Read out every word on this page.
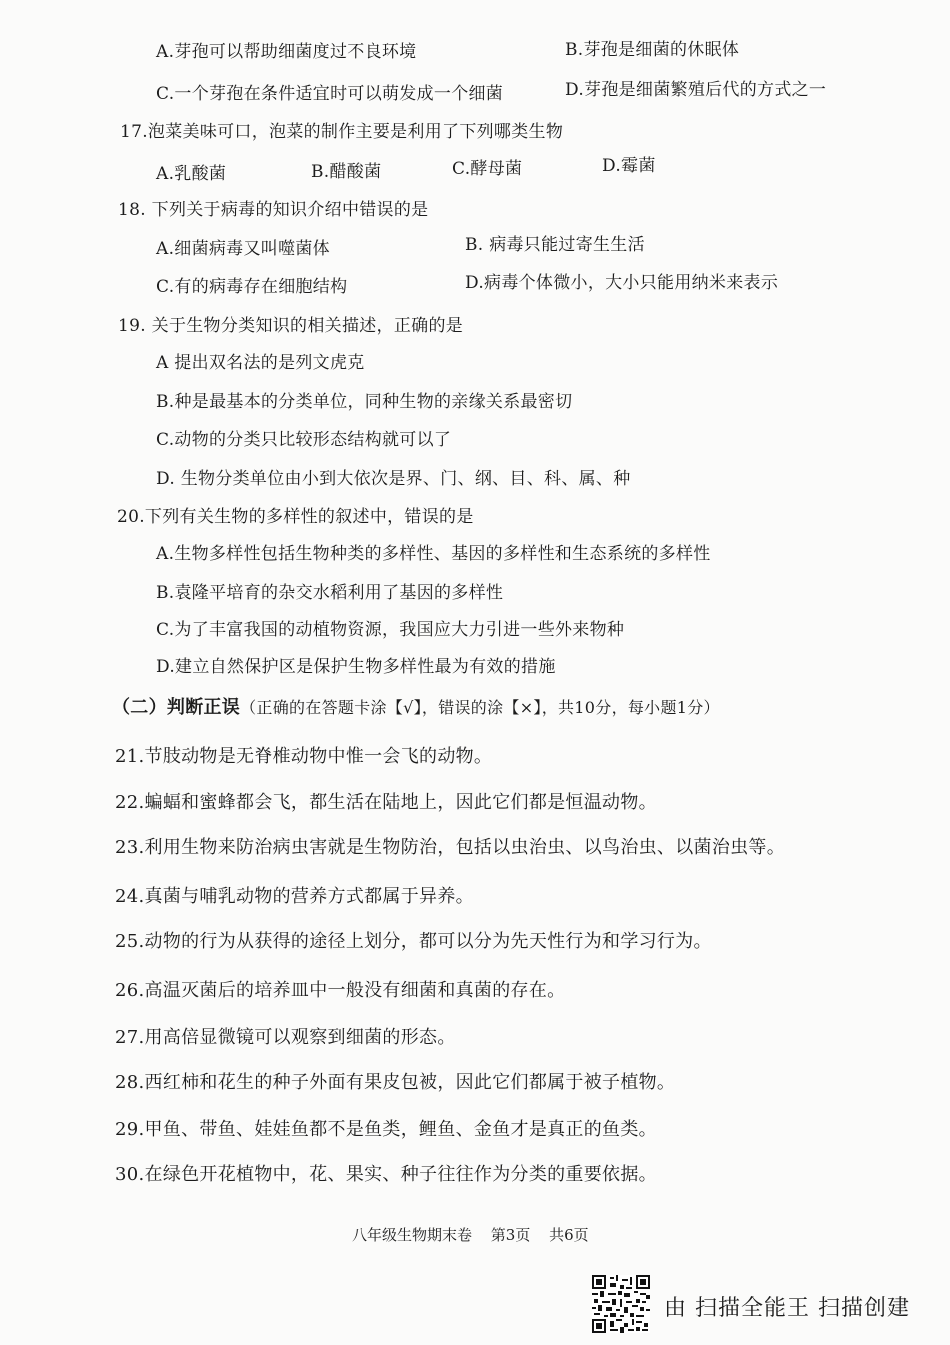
A.芽孢可以帮助细菌度过不良环境	B.芽孢是细菌的休眠体
C.一个芽孢在条件适宜时可以萌发成一个细菌	D.芽孢是细菌繁殖后代的方式之一
17.泡菜美味可口，泡菜的制作主要是利用了下列哪类生物
A.乳酸菌	B.醋酸菌	C.酵母菌	D.霉菌
18. 下列关于病毒的知识介绍中错误的是
A.细菌病毒又叫噬菌体	B. 病毒只能过寄生生活
C.有的病毒存在细胞结构	D.病毒个体微小，大小只能用纳米来表示
19. 关于生物分类知识的相关描述，正确的是
A 提出双名法的是列文虎克
B.种是最基本的分类单位，同种生物的亲缘关系最密切
C.动物的分类只比较形态结构就可以了
D. 生物分类单位由小到大依次是界、门、纲、目、科、属、种
20.下列有关生物的多样性的叙述中，错误的是
A.生物多样性包括生物种类的多样性、基因的多样性和生态系统的多样性
B.袁隆平培育的杂交水稻利用了基因的多样性
C.为了丰富我国的动植物资源，我国应大力引进一些外来物种
D.建立自然保护区是保护生物多样性最为有效的措施
（二）判断正误（正确的在答题卡涂【√】，错误的涂【×】，共10分，每小题1分）
21.节肢动物是无脊椎动物中惟一会飞的动物。
22.蝙蝠和蜜蜂都会飞，都生活在陆地上，因此它们都是恒温动物。
23.利用生物来防治病虫害就是生物防治，包括以虫治虫、以鸟治虫、以菌治虫等。
24.真菌与哺乳动物的营养方式都属于异养。
25.动物的行为从获得的途径上划分，都可以分为先天性行为和学习行为。
26.高温灭菌后的培养皿中一般没有细菌和真菌的存在。
27.用高倍显微镜可以观察到细菌的形态。
28.西红柿和花生的种子外面有果皮包被，因此它们都属于被子植物。
29.甲鱼、带鱼、娃娃鱼都不是鱼类，鲤鱼、金鱼才是真正的鱼类。
30.在绿色开花植物中，花、果实、种子往往作为分类的重要依据。
八年级生物期末卷 第3页 共6页
由 扫描全能王 扫描创建
